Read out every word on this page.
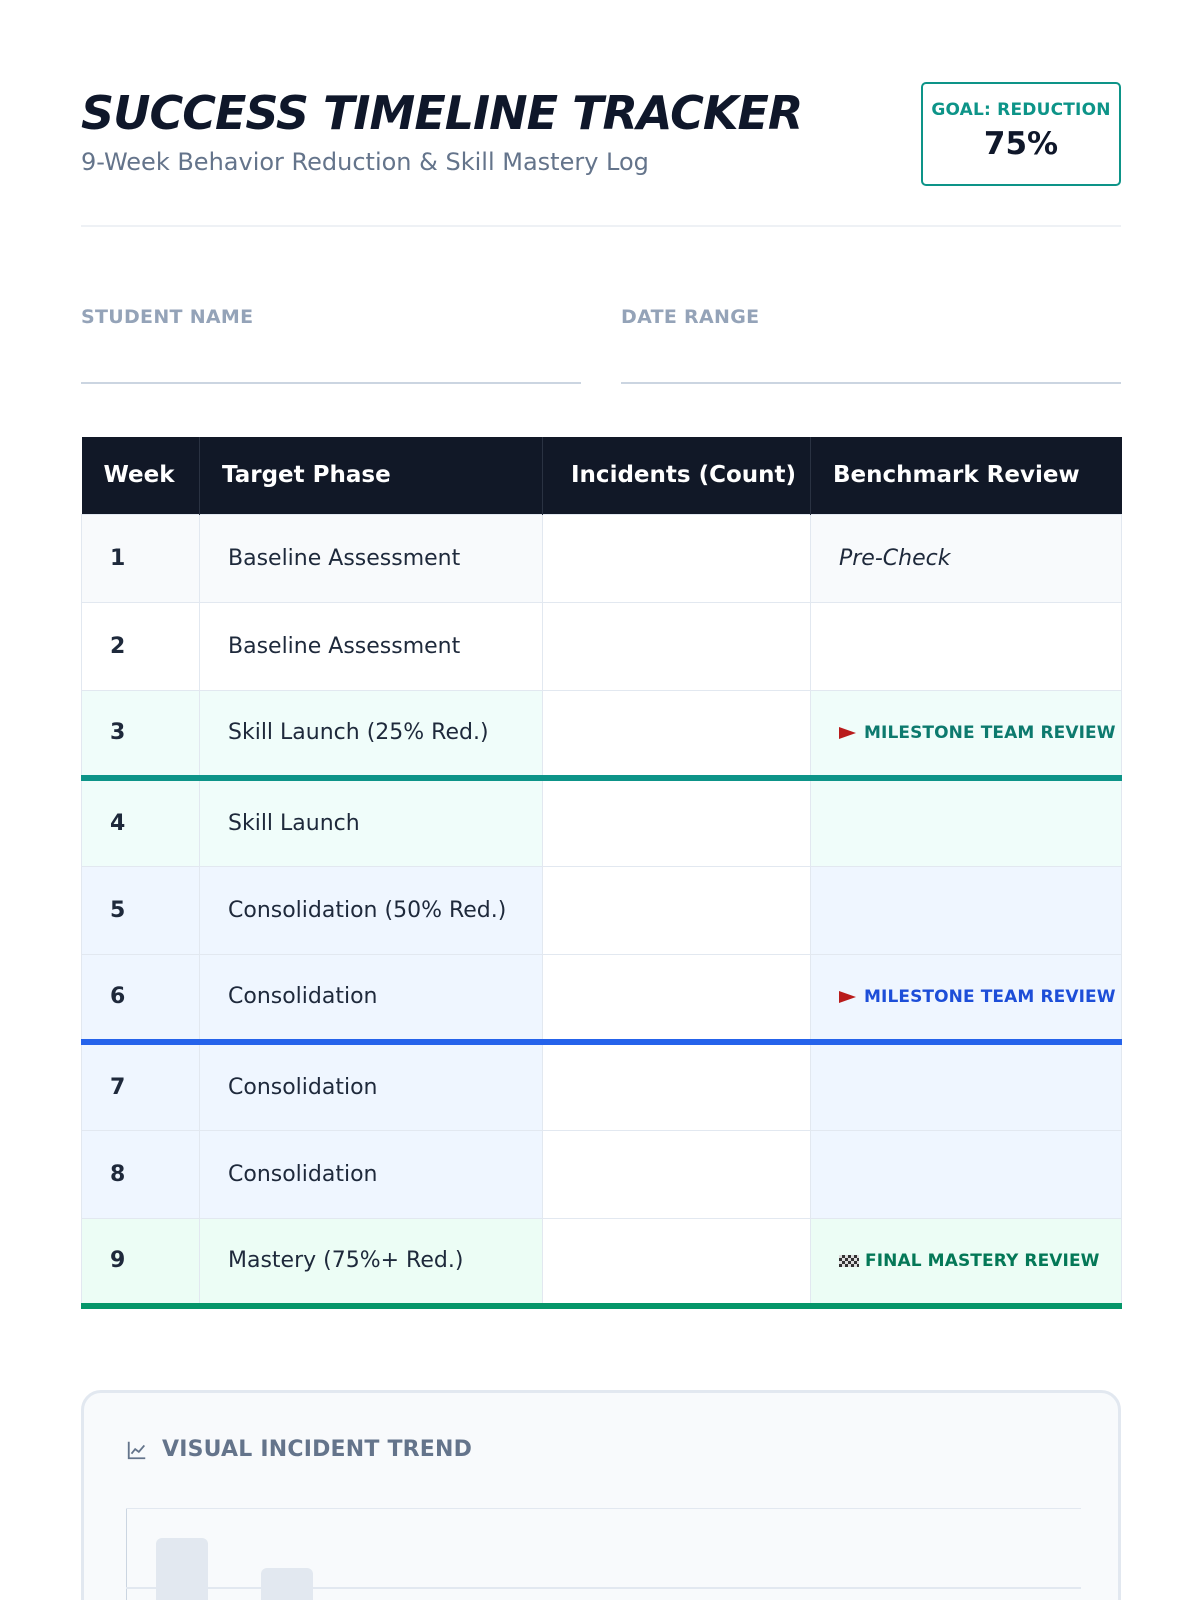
SUCCESS TIMELINE TRACKER
9-Week Behavior Reduction & Skill Mastery Log
GOAL: REDUCTION
75%
STUDENT NAME	DATE RANGE
Week	Target Phase	Incidents (Count)	Benchmark Review
1	Baseline Assessment		Pre-Check
2	Baseline Assessment		
3	Skill Launch (25% Red.)		MILESTONE TEAM REVIEW

4	Skill Launch		
5	Consolidation (50% Red.)		
6	Consolidation		MILESTONE TEAM REVIEW

7	Consolidation		
8	Consolidation		
9	Mastery (75%+ Red.)		FINAL MASTERY REVIEW
VISUAL INCIDENT TREND
